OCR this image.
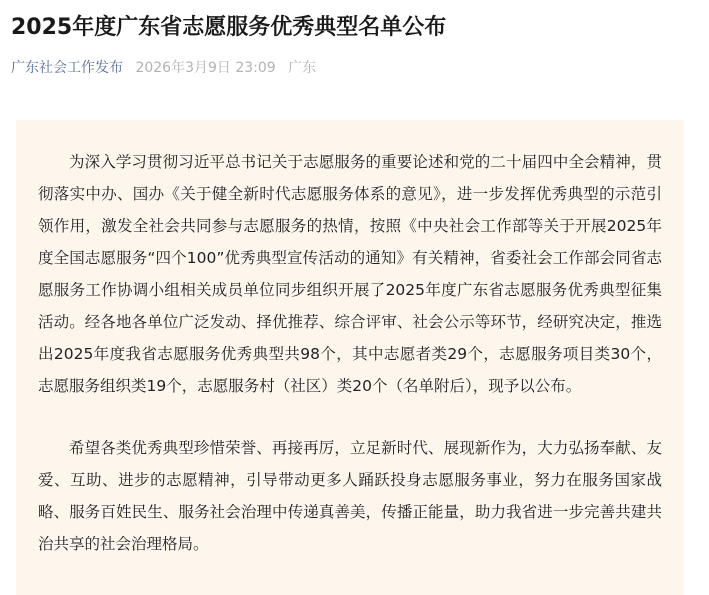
2025年度广东省志愿服务优秀典型名单公布
广东社会工作发布 2026年3月9日 23:09 广东

为深入学习贯彻习近平总书记关于志愿服务的重要论述和党的二十届四中全会精神，贯彻落实中办、国办《关于健全新时代志愿服务体系的意见》，进一步发挥优秀典型的示范引领作用，激发全社会共同参与志愿服务的热情，按照《中央社会工作部等关于开展2025年度全国志愿服务“四个100”优秀典型宣传活动的通知》有关精神，省委社会工作部会同省志愿服务工作协调小组相关成员单位同步组织开展了2025年度广东省志愿服务优秀典型征集活动。经各地各单位广泛发动、择优推荐、综合评审、社会公示等环节，经研究决定，推选出2025年度我省志愿服务优秀典型共98个，其中志愿者类29个，志愿服务项目类30个，志愿服务组织类19个，志愿服务村（社区）类20个（名单附后），现予以公布。

希望各类优秀典型珍惜荣誉、再接再厉，立足新时代、展现新作为，大力弘扬奉献、友爱、互助、进步的志愿精神，引导带动更多人踊跃投身志愿服务事业，努力在服务国家战略、服务百姓民生、服务社会治理中传递真善美，传播正能量，助力我省进一步完善共建共治共享的社会治理格局。
